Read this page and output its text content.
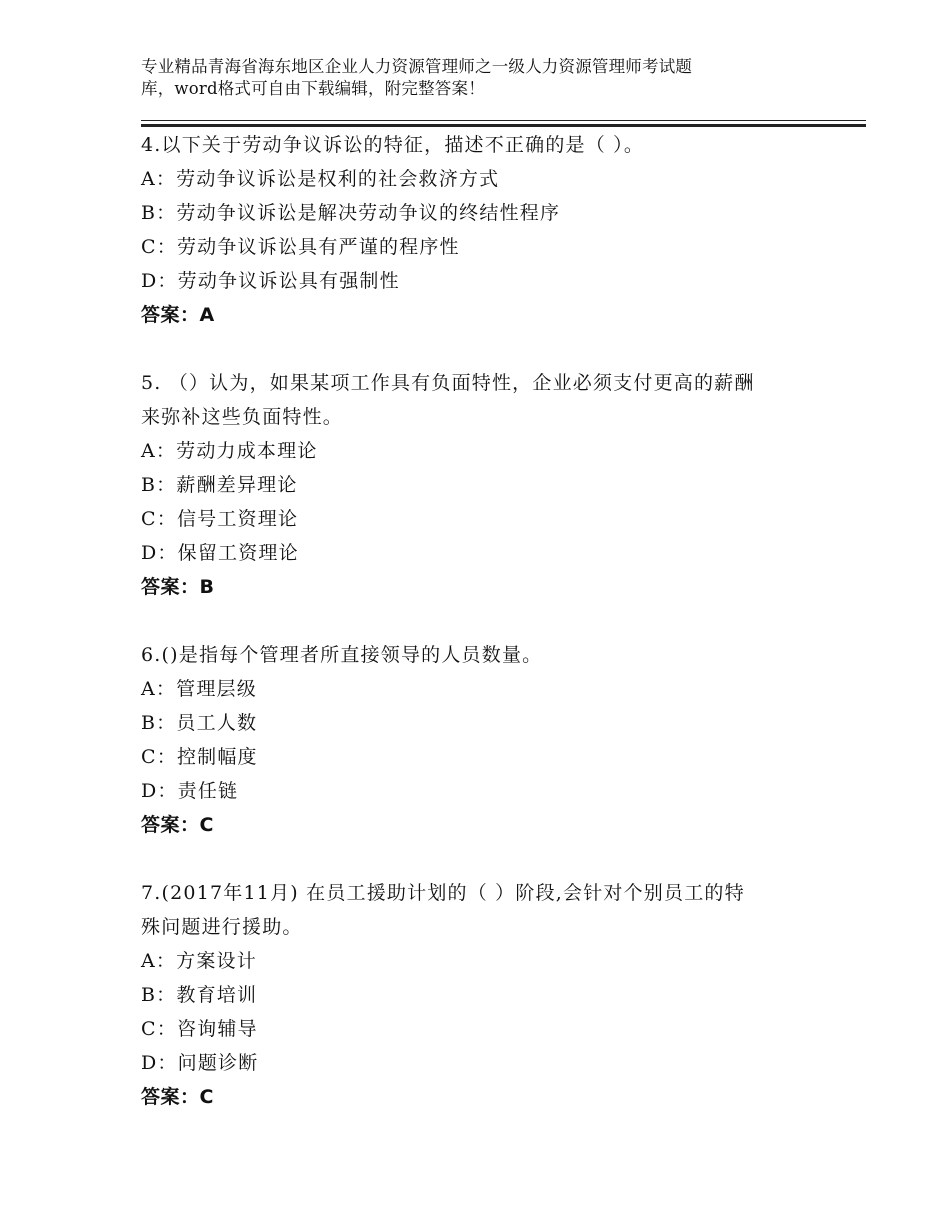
专业精品青海省海东地区企业人力资源管理师之一级人力资源管理师考试题
库，word格式可自由下载编辑，附完整答案！

4.以下关于劳动争议诉讼的特征，描述不正确的是（ ）。

A：劳动争议诉讼是权利的社会救济方式

B：劳动争议诉讼是解决劳动争议的终结性程序

C：劳动争议诉讼具有严谨的程序性

D：劳动争议诉讼具有强制性

答案：A

5. （）认为，如果某项工作具有负面特性，企业必须支付更高的薪酬

来弥补这些负面特性。

A：劳动力成本理论

B：薪酬差异理论

C：信号工资理论

D：保留工资理论

答案：B

6.()是指每个管理者所直接领导的人员数量。

A：管理层级

B：员工人数

C：控制幅度

D：责任链

答案：C

7.(2017年11月) 在员工援助计划的（ ）阶段,会针对个别员工的特

殊问题进行援助。

A：方案设计

B：教育培训

C：咨询辅导

D：问题诊断

答案：C
